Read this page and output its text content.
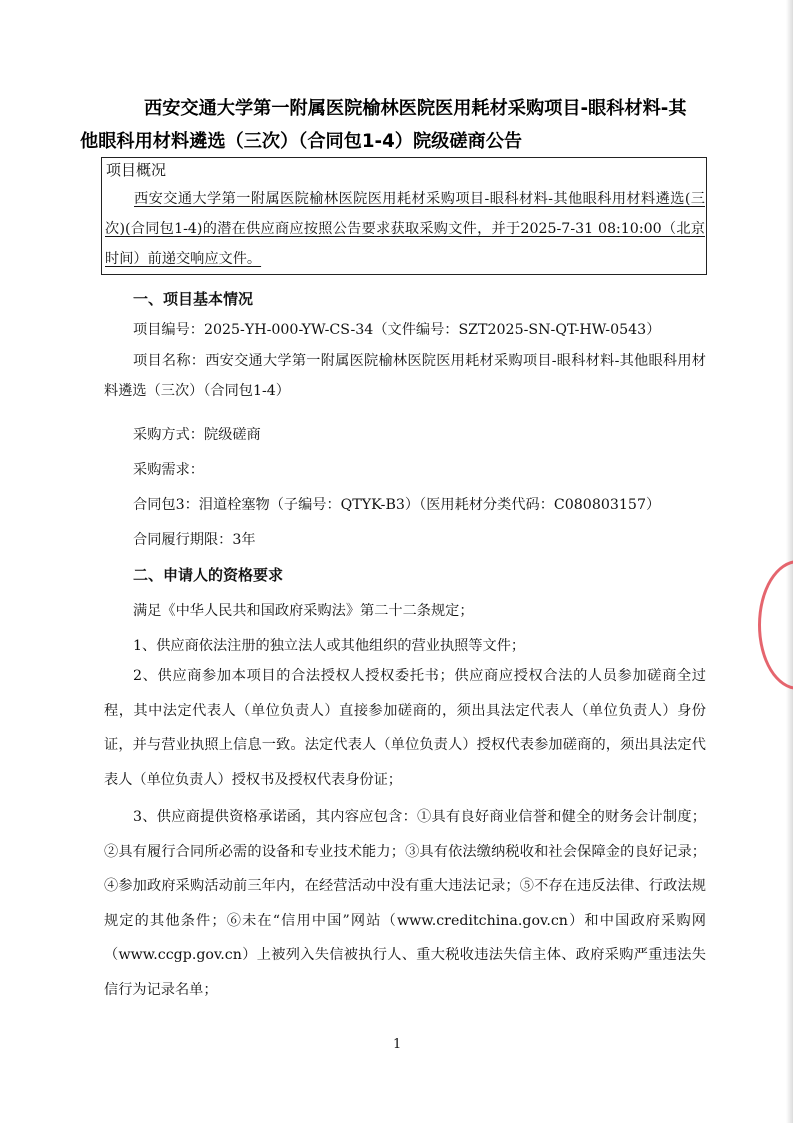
西安交通大学第一附属医院榆林医院医用耗材采购项目-眼科材料-其
他眼科用材料遴选（三次）（合同包1-4）院级磋商公告
项目概况
西安交通大学第一附属医院榆林医院医用耗材采购项目-眼科材料-其他眼科用材料遴选(三次)(合同包1-4)的潜在供应商应按照公告要求获取采购文件，并于2025-7-31 08:10:00（北京时间）前递交响应文件。
一、项目基本情况
项目编号：2025-YH-000-YW-CS-34（文件编号：SZT2025-SN-QT-HW-0543）
项目名称：西安交通大学第一附属医院榆林医院医用耗材采购项目-眼科材料-其他眼科用材料遴选（三次）（合同包1-4）
采购方式：院级磋商
采购需求：
合同包3：泪道栓塞物（子编号：QTYK-B3）（医用耗材分类代码：C080803157）
合同履行期限：3年
二、申请人的资格要求
满足《中华人民共和国政府采购法》第二十二条规定；
1、供应商依法注册的独立法人或其他组织的营业执照等文件；
2、供应商参加本项目的合法授权人授权委托书；供应商应授权合法的人员参加磋商全过程，其中法定代表人（单位负责人）直接参加磋商的，须出具法定代表人（单位负责人）身份证，并与营业执照上信息一致。法定代表人（单位负责人）授权代表参加磋商的，须出具法定代表人（单位负责人）授权书及授权代表身份证；
3、供应商提供资格承诺函，其内容应包含：①具有良好商业信誉和健全的财务会计制度；②具有履行合同所必需的设备和专业技术能力；③具有依法缴纳税收和社会保障金的良好记录；④参加政府采购活动前三年内，在经营活动中没有重大违法记录；⑤不存在违反法律、行政法规规定的其他条件；⑥未在“信用中国”网站（www.creditchina.gov.cn）和中国政府采购网（www.ccgp.gov.cn）上被列入失信被执行人、重大税收违法失信主体、政府采购严重违法失信行为记录名单；
1
